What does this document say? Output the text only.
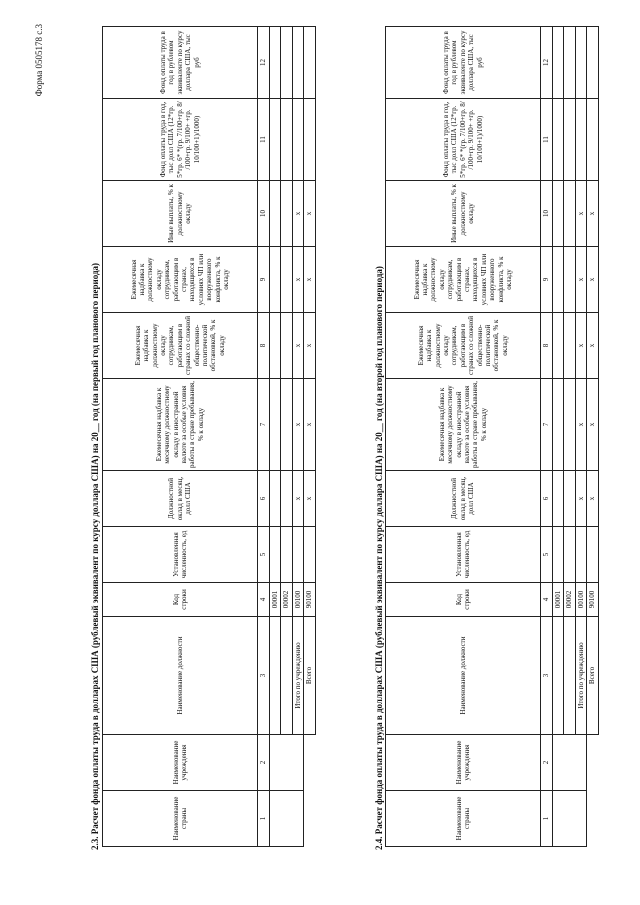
Форма 0505178 с.3
2.3. Расчет фонда оплаты труда в долларах США (рублевый эквивалент по курсу доллара США) на 20__ год (на первый год планового периода)	Наименование страны	Наименование учреждения	Наименование должности	Код строки	Установленная численность, ед	Должностной оклад в месяц, долл США	Ежемесячная надбавка к месячному должностному окладу в иностранной валюте за особые условия работы в стране пребывания, % к окладу	Ежемесячная надбавка к должностному окладу сотрудникам, работающим в странах со сложной общественно-политической обстановкой, % к окладу	Ежемесячная надбавка к должностному окладу сотрудникам, работающим в странах, находящихся в условиях ЧП или вооруженного конфликта, % к окладу	Иные выплаты, % к должностному окладу	Фонд оплаты труда в год, тыс долл США (12*гр. 5*гр. 6* *(гр. 7/100+гр. 8/ /100+гр. 9/100+ +гр. 10/100+1)/1000)	Фонд оплаты труда в год в рублевом эквиваленте по курсу доллара США, тыс руб
1	2	3	4	5	6	7	8	9	10	11	12
			00001								
			00002								
		Итого по учреждению	00100		x	x	x	x	x		
		Всего	90100		x	x	x	x	x		
2.4. Расчет фонда оплаты труда в долларах США (рублевый эквивалент по курсу доллара США) на 20__ год (на второй год планового периода)	Наименование страны	Наименование учреждения	Наименование должности	Код строки	Установленная численность, ед	Должностной оклад в месяц, долл США	Ежемесячная надбавка к месячному должностному окладу в иностранной валюте за особые условия работы в стране пребывания, % к окладу	Ежемесячная надбавка к должностному окладу сотрудникам, работающим в странах со сложной общественно-политической обстановкой, % к окладу	Ежемесячная надбавка к должностному окладу сотрудникам, работающим в странах, находящихся в условиях ЧП или вооруженного конфликта, % к окладу	Иные выплаты, % к должностному окладу	Фонд оплаты труда в год, тыс долл США (12*гр. 5*гр. 6* *(гр. 7/100+гр. 8/ /100+гр. 9/100+ +гр. 10/100+1)/1000)	Фонд оплаты труда в год в рублевом эквиваленте по курсу доллара США, тыс руб
1	2	3	4	5	6	7	8	9	10	11	12
			00001								
			00002								
		Итого по учреждению	00100		x	x	x	x	x		
		Всего	90100		x	x	x	x	x		
